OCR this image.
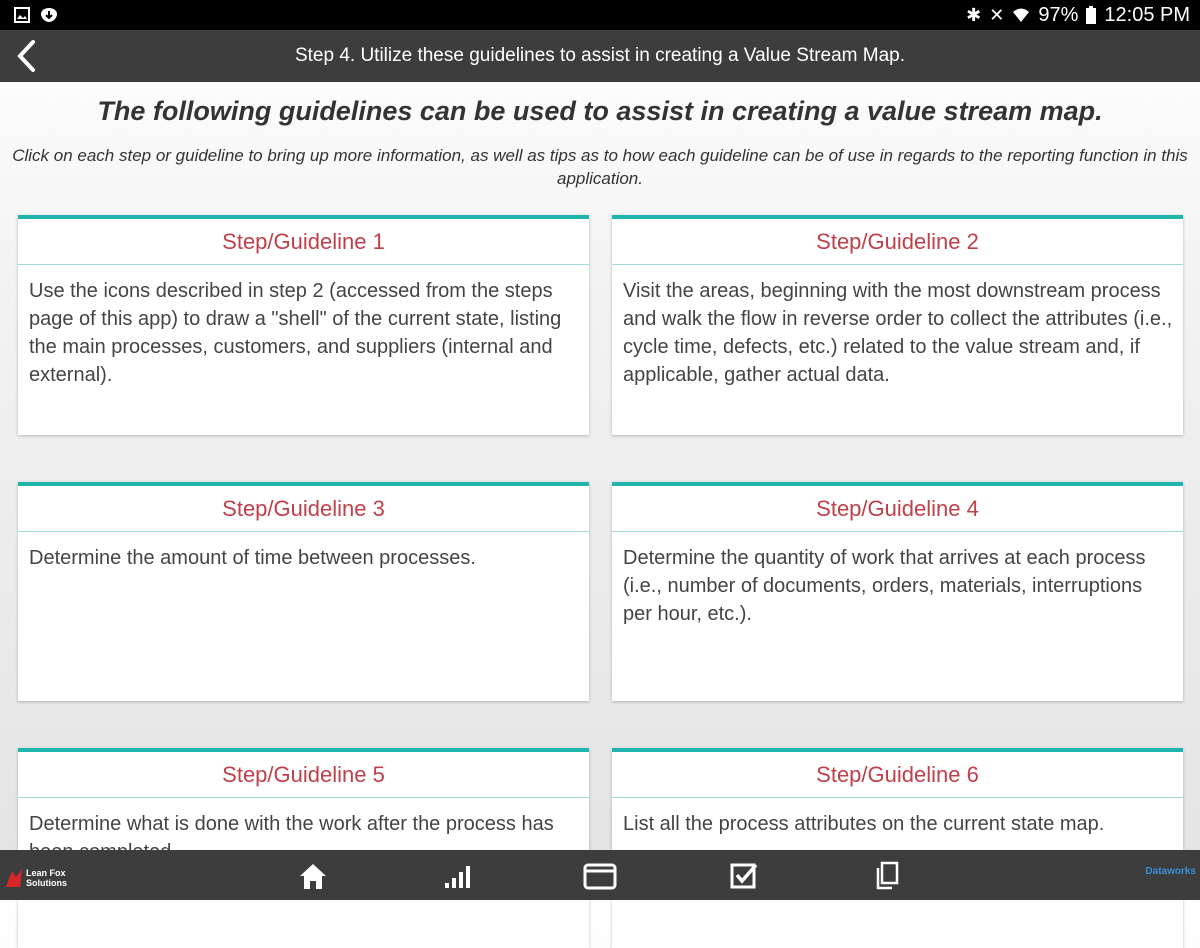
✱ ✕ 97% 12:05 PM
Step 4. Utilize these guidelines to assist in creating a Value Stream Map.
The following guidelines can be used to assist in creating a value stream map.
Click on each step or guideline to bring up more information, as well as tips as to how each guideline can be of use in regards to the reporting function in this application.
Step/Guideline 1
Use the icons described in step 2 (accessed from the steps page of this app) to draw a "shell" of the current state, listing the main processes, customers, and suppliers (internal and external).
Step/Guideline 2
Visit the areas, beginning with the most downstream process and walk the flow in reverse order to collect the attributes (i.e., cycle time, defects, etc.) related to the value stream and, if applicable, gather actual data.
Step/Guideline 3
Determine the amount of time between processes.
Step/Guideline 4
Determine the quantity of work that arrives at each process (i.e., number of documents, orders, materials, interruptions per hour, etc.).
Step/Guideline 5
Determine what is done with the work after the process has
Step/Guideline 6
List all the process attributes on the current state map.
Lean Fox Solutions
Dataworks
